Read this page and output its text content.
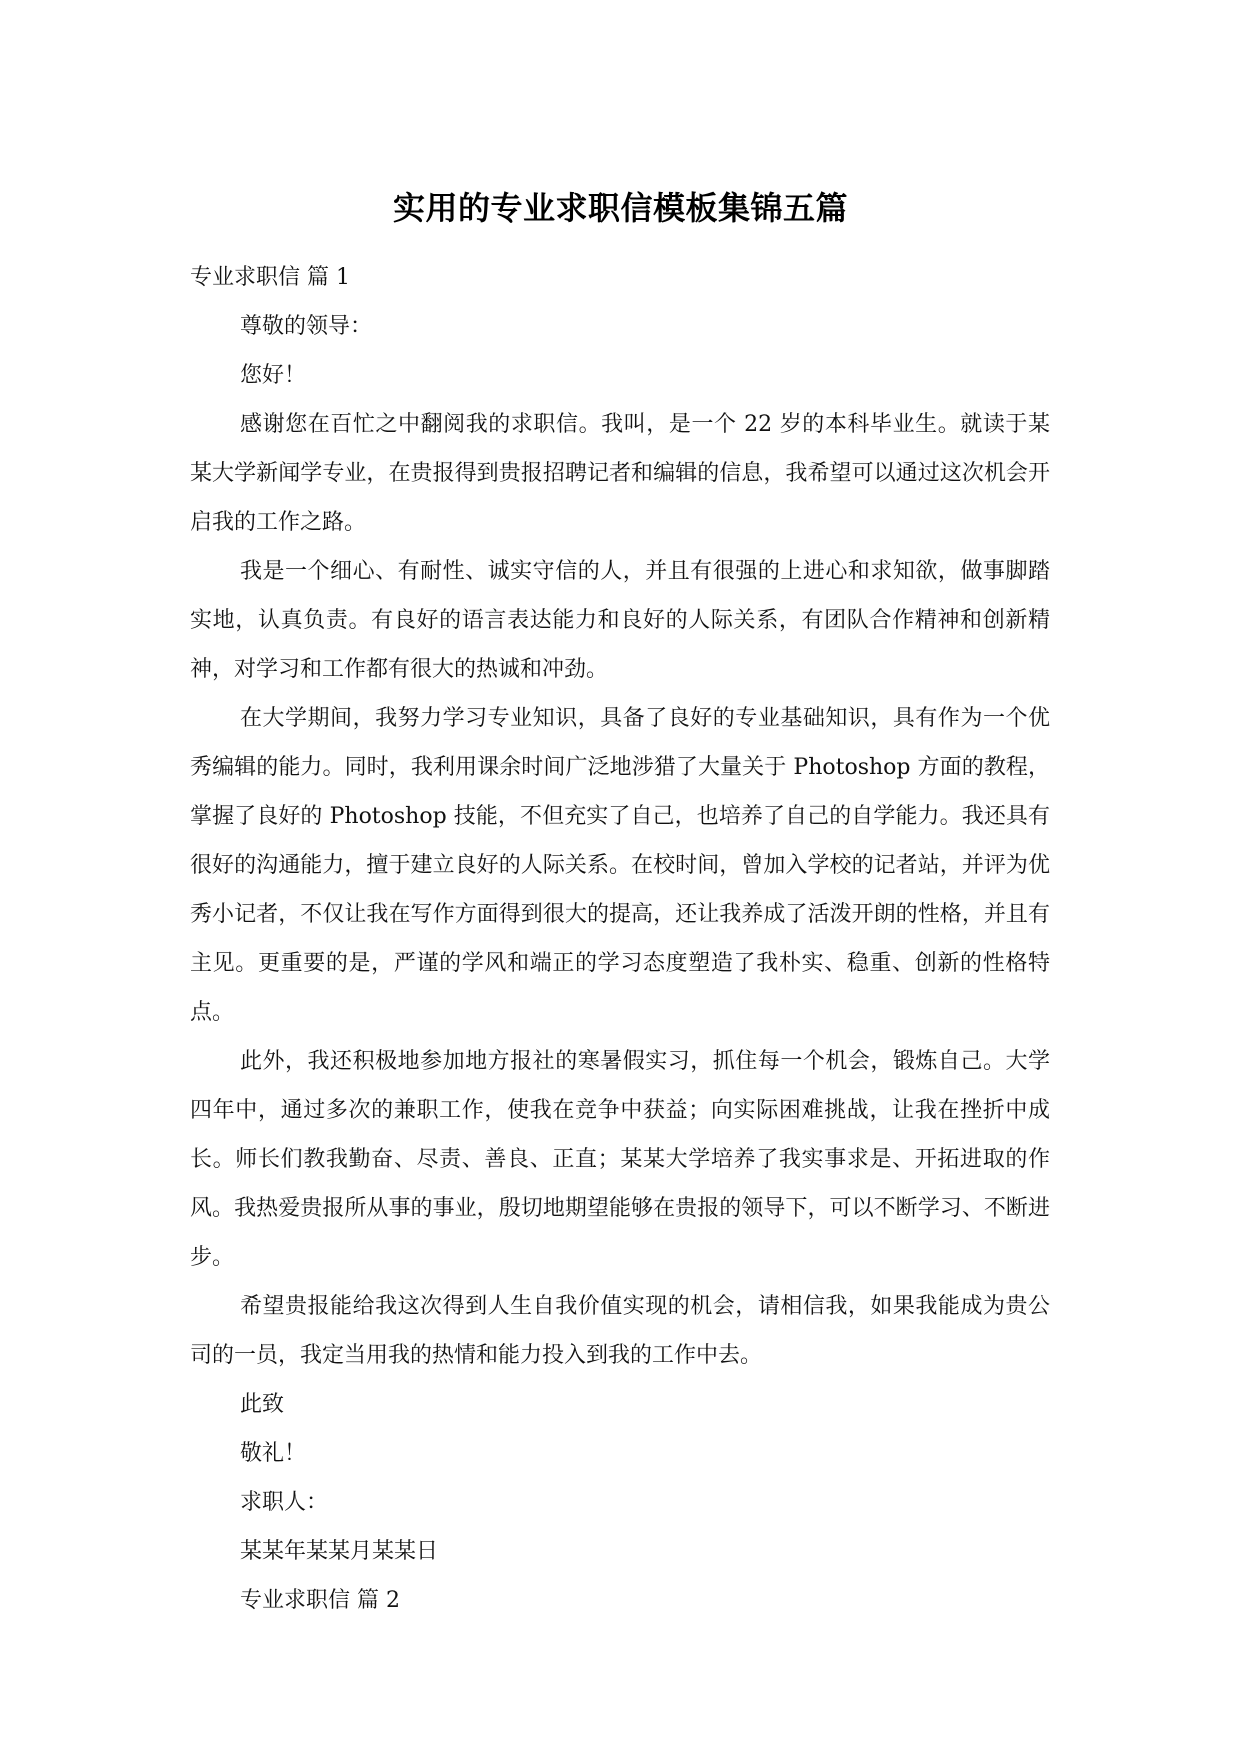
实用的专业求职信模板集锦五篇

专业求职信 篇 1

尊敬的领导：

您好！

感谢您在百忙之中翻阅我的求职信。我叫，是一个 22 岁的本科毕业生。就读于某某大学新闻学专业，在贵报得到贵报招聘记者和编辑的信息，我希望可以通过这次机会开启我的工作之路。

我是一个细心、有耐性、诚实守信的人，并且有很强的上进心和求知欲，做事脚踏实地，认真负责。有良好的语言表达能力和良好的人际关系，有团队合作精神和创新精神，对学习和工作都有很大的热诚和冲劲。

在大学期间，我努力学习专业知识，具备了良好的专业基础知识，具有作为一个优秀编辑的能力。同时，我利用课余时间广泛地涉猎了大量关于 Photoshop 方面的教程，掌握了良好的 Photoshop 技能，不但充实了自己，也培养了自己的自学能力。我还具有很好的沟通能力，擅于建立良好的人际关系。在校时间，曾加入学校的记者站，并评为优秀小记者，不仅让我在写作方面得到很大的提高，还让我养成了活泼开朗的性格，并且有主见。更重要的是，严谨的学风和端正的学习态度塑造了我朴实、稳重、创新的性格特点。

此外，我还积极地参加地方报社的寒暑假实习，抓住每一个机会，锻炼自己。大学四年中，通过多次的兼职工作，使我在竞争中获益；向实际困难挑战，让我在挫折中成长。师长们教我勤奋、尽责、善良、正直；某某大学培养了我实事求是、开拓进取的作风。我热爱贵报所从事的事业，殷切地期望能够在贵报的领导下，可以不断学习、不断进步。

希望贵报能给我这次得到人生自我价值实现的机会，请相信我，如果我能成为贵公司的一员，我定当用我的热情和能力投入到我的工作中去。

此致

敬礼！

求职人：

某某年某某月某某日

专业求职信 篇 2
